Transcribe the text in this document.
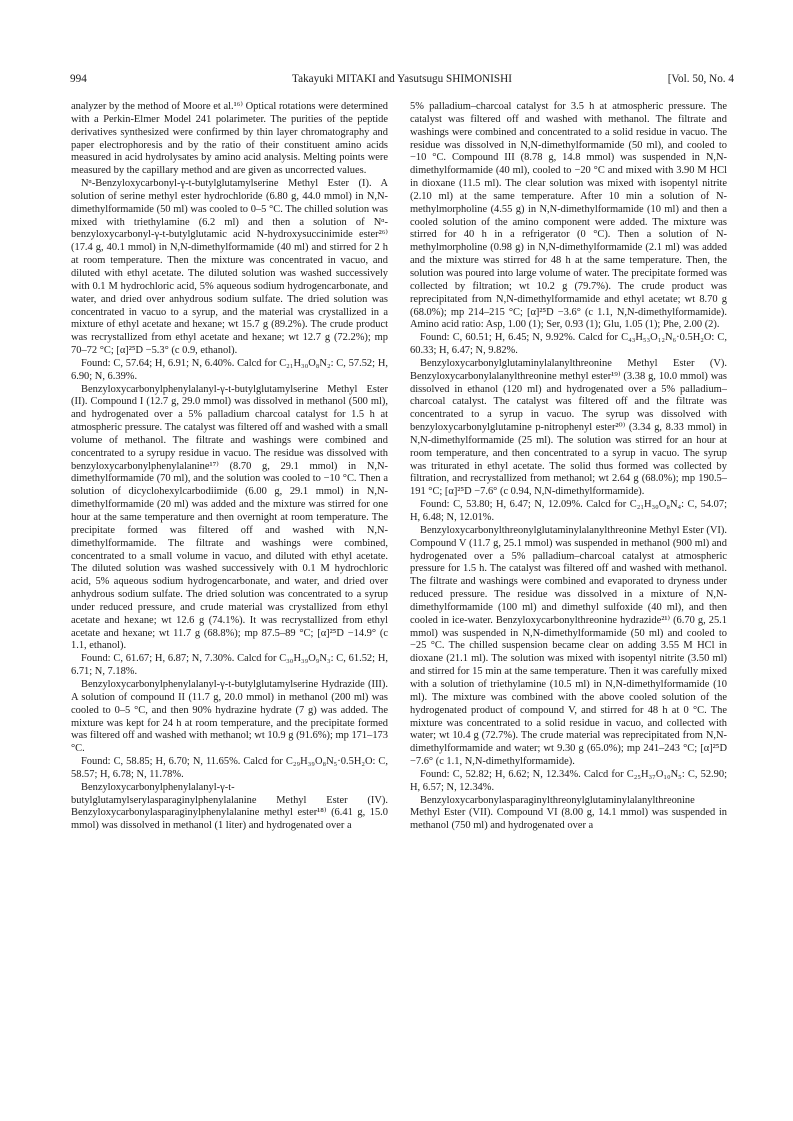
994	Takayuki MITAKI and Yasutsugu SHIMONISHI	[Vol. 50, No. 4

analyzer by the method of Moore et al.¹⁶⁾ Optical rotations were determined with a Perkin-Elmer Model 241 polarimeter. The purities of the peptide derivatives synthesized were confirmed by thin layer chromatography and paper electrophoresis and by the ratio of their constituent amino acids measured in acid hydrolysates by amino acid analysis. Melting points were measured by the capillary method and are given as uncorrected values.

Nᵅ-Benzyloxycarbonyl-γ-t-butylglutamylserine Methyl Ester (I). A solution of serine methyl ester hydrochloride (6.80 g, 44.0 mmol) in N,N-dimethylformamide (50 ml) was cooled to 0–5 °C. The chilled solution was mixed with triethylamine (6.2 ml) and then a solution of Nᵅ-benzyloxycarbonyl-γ-t-butylglutamic acid N-hydroxysuccinimide ester²⁶⁾ (17.4 g, 40.1 mmol) in N,N-dimethylformamide (40 ml) and stirred for 2 h at room temperature. Then the mixture was concentrated in vacuo, and diluted with ethyl acetate. The diluted solution was washed successively with 0.1 M hydrochloric acid, 5% aqueous sodium hydrogencarbonate, and water, and dried over anhydrous sodium sulfate. The dried solution was concentrated in vacuo to a syrup, and the material was crystallized in a mixture of ethyl acetate and hexane; wt 15.7 g (89.2%). The crude product was recrystallized from ethyl acetate and hexane; wt 12.7 g (72.2%); mp 70–72 °C; [α]²⁵D −5.3° (c 0.9, ethanol).

Found: C, 57.64; H, 6.91; N, 6.40%. Calcd for C₂₁H₃₀O₈N₂: C, 57.52; H, 6.90; N, 6.39%.

Benzyloxycarbonylphenylalanyl-γ-t-butylglutamylserine Methyl Ester (II). Compound I (12.7 g, 29.0 mmol) was dissolved in methanol (500 ml), and hydrogenated over a 5% palladium charcoal catalyst for 1.5 h at atmospheric pressure. The catalyst was filtered off and washed with a small volume of methanol. The filtrate and washings were combined and concentrated to a syrupy residue in vacuo. The residue was dissolved with benzyloxycarbonylphenylalanine¹⁷⁾ (8.70 g, 29.1 mmol) in N,N-dimethylformamide (70 ml), and the solution was cooled to −10 °C. Then a solution of dicyclohexylcarbodiimide (6.00 g, 29.1 mmol) in N,N-dimethylformamide (20 ml) was added and the mixture was stirred for one hour at the same temperature and then overnight at room temperature. The precipitate formed was filtered off and washed with N,N-dimethylformamide. The filtrate and washings were combined, concentrated to a small volume in vacuo, and diluted with ethyl acetate. The diluted solution was washed successively with 0.1 M hydrochloric acid, 5% aqueous sodium hydrogencarbonate, and water, and dried over anhydrous sodium sulfate. The dried solution was concentrated to a syrup under reduced pressure, and crude material was crystallized from ethyl acetate and hexane; wt 12.6 g (74.1%). It was recrystallized from ethyl acetate and hexane; wt 11.7 g (68.8%); mp 87.5–89 °C; [α]²⁵D −14.9° (c 1.1, ethanol).

Found: C, 61.67; H, 6.87; N, 7.30%. Calcd for C₃₀H₃₉O₉N₃: C, 61.52; H, 6.71; N, 7.18%.

Benzyloxycarbonylphenylalanyl-γ-t-butylglutamylserine Hydrazide (III). A solution of compound II (11.7 g, 20.0 mmol) in methanol (200 ml) was cooled to 0–5 °C, and then 90% hydrazine hydrate (7 g) was added. The mixture was kept for 24 h at room temperature, and the precipitate formed was filtered off and washed with methanol; wt 10.9 g (91.6%); mp 171–173 °C.

Found: C, 58.85; H, 6.70; N, 11.65%. Calcd for C₂₉H₃₉O₈N₅·0.5H₂O: C, 58.57; H, 6.78; N, 11.78%.

Benzyloxycarbonylphenylalanyl-γ-t-butylglutamylserylasparaginylphenylalanine Methyl Ester (IV). Benzyloxycarbonylasparaginylphenylalanine methyl ester¹⁸⁾ (6.41 g, 15.0 mmol) was dissolved in methanol (1 liter) and hydrogenated over a

5% palladium–charcoal catalyst for 3.5 h at atmospheric pressure. The catalyst was filtered off and washed with methanol. The filtrate and washings were combined and concentrated to a solid residue in vacuo. The residue was dissolved in N,N-dimethylformamide (50 ml), and cooled to −10 °C. Compound III (8.78 g, 14.8 mmol) was suspended in N,N-dimethylformamide (40 ml), cooled to −20 °C and mixed with 3.90 M HCl in dioxane (11.5 ml). The clear solution was mixed with isopentyl nitrite (2.10 ml) at the same temperature. After 10 min a solution of N-methylmorpholine (4.55 g) in N,N-dimethylformamide (10 ml) and then a cooled solution of the amino component were added. The mixture was stirred for 40 h in a refrigerator (0 °C). Then a solution of N-methylmorpholine (0.98 g) in N,N-dimethylformamide (2.1 ml) was added and the mixture was stirred for 48 h at the same temperature. Then, the solution was poured into large volume of water. The precipitate formed was collected by filtration; wt 10.2 g (79.7%). The crude product was reprecipitated from N,N-dimethylformamide and ethyl acetate; wt 8.70 g (68.0%); mp 214–215 °C; [α]²⁵D −3.6° (c 1.1, N,N-dimethylformamide). Amino acid ratio: Asp, 1.00 (1); Ser, 0.93 (1); Glu, 1.05 (1); Phe, 2.00 (2).

Found: C, 60.51; H, 6.45; N, 9.92%. Calcd for C₄₃H₅₃O₁₂N₆·0.5H₂O: C, 60.33; H, 6.47; N, 9.82%.

Benzyloxycarbonylglutaminylalanylthreonine Methyl Ester (V). Benzyloxycarbonylalanylthreonine methyl ester¹⁹⁾ (3.38 g, 10.0 mmol) was dissolved in ethanol (120 ml) and hydrogenated over a 5% palladium–charcoal catalyst. The catalyst was filtered off and the filtrate was concentrated to a syrup in vacuo. The syrup was dissolved with benzyloxycarbonylglutamine p-nitrophenyl ester²⁰⁾ (3.34 g, 8.33 mmol) in N,N-dimethylformamide (25 ml). The solution was stirred for an hour at room temperature, and then concentrated to a syrup in vacuo. The syrup was triturated in ethyl acetate. The solid thus formed was collected by filtration, and recrystallized from methanol; wt 2.64 g (68.0%); mp 190.5–191 °C; [α]²⁵D −7.6° (c 0.94, N,N-dimethylformamide).

Found: C, 53.80; H, 6.47; N, 12.09%. Calcd for C₂₁H₃₀O₈N₄: C, 54.07; H, 6.48; N, 12.01%.

Benzyloxycarbonylthreonylglutaminylalanylthreonine Methyl Ester (VI). Compound V (11.7 g, 25.1 mmol) was suspended in methanol (900 ml) and hydrogenated over a 5% palladium–charcoal catalyst at atmospheric pressure for 1.5 h. The catalyst was filtered off and washed with methanol. The filtrate and washings were combined and evaporated to dryness under reduced pressure. The residue was dissolved in a mixture of N,N-dimethylformamide (100 ml) and dimethyl sulfoxide (40 ml), and then cooled in ice-water. Benzyloxycarbonylthreonine hydrazide²¹⁾ (6.70 g, 25.1 mmol) was suspended in N,N-dimethylformamide (50 ml) and cooled to −25 °C. The chilled suspension became clear on adding 3.55 M HCl in dioxane (21.1 ml). The solution was mixed with isopentyl nitrite (3.50 ml) and stirred for 15 min at the same temperature. Then it was carefully mixed with a solution of triethylamine (10.5 ml) in N,N-dimethylformamide (10 ml). The mixture was combined with the above cooled solution of the hydrogenated product of compound V, and stirred for 48 h at 0 °C. The mixture was concentrated to a solid residue in vacuo, and collected with water; wt 10.4 g (72.7%). The crude material was reprecipitated from N,N-dimethylformamide and water; wt 9.30 g (65.0%); mp 241–243 °C; [α]²⁵D −7.6° (c 1.1, N,N-dimethylformamide).

Found: C, 52.82; H, 6.62; N, 12.34%. Calcd for C₂₅H₃₇O₁₀N₅: C, 52.90; H, 6.57; N, 12.34%.

Benzyloxycarbonylasparaginylthreonylglutaminylalanylthreonine Methyl Ester (VII). Compound VI (8.00 g, 14.1 mmol) was suspended in methanol (750 ml) and hydrogenated over a
